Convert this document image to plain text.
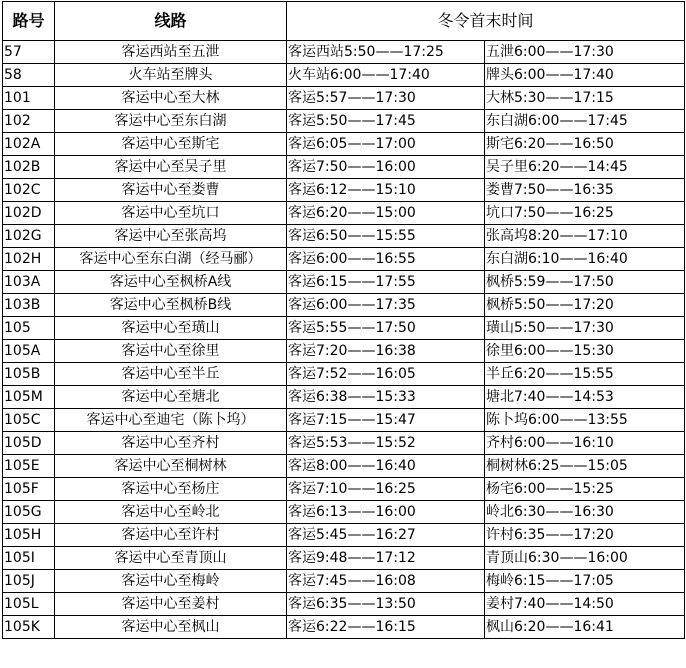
路号	线路	冬令首末时间	
57	客运西站至五泄	客运西站5:50——17:25	五泄6:00——17:30
58	火车站至牌头	火车站6:00——17:40	牌头6:00——17:40
101	客运中心至大林	客运5:57——17:30	大林5:30——17:15
102	客运中心至东白湖	客运5:50——17:45	东白湖6:00——17:45
102A	客运中心至斯宅	客运6:05——17:00	斯宅6:20——16:50
102B	客运中心至吴子里	客运7:50——16:00	吴子里6:20——14:45
102C	客运中心至娄曹	客运6:12——15:10	娄曹7:50——16:35
102D	客运中心至坑口	客运6:20——15:00	坑口7:50——16:25
102G	客运中心至张高坞	客运6:50——15:55	张高坞8:20——17:10
102H	客运中心至东白湖（经马郦）	客运6:00——16:55	东白湖6:10——16:40
103A	客运中心至枫桥A线	客运6:15——17:55	枫桥5:59——17:50
103B	客运中心至枫桥B线	客运6:00——17:35	枫桥5:50——17:20
105	客运中心至璜山	客运5:55——17:50	璜山5:50——17:30
105A	客运中心至徐里	客运7:20——16:38	徐里6:00——15:30
105B	客运中心至半丘	客运7:52——16:05	半丘6:20——15:55
105M	客运中心至塘北	客运6:38——15:33	塘北7:40——14:53
105C	客运中心至迪宅（陈卜坞）	客运7:15——15:47	陈卜坞6:00——13:55
105D	客运中心至齐村	客运5:53——15:52	齐村6:00——16:10
105E	客运中心至桐树林	客运8:00——16:40	桐树林6:25——15:05
105F	客运中心至杨庄	客运7:10——16:25	杨宅6:00——15:25
105G	客运中心至岭北	客运6:13——16:00	岭北6:30——16:30
105H	客运中心至许村	客运5:45——16:27	许村6:35——17:20
105I	客运中心至青顶山	客运9:48——17:12	青顶山6:30——16:00
105J	客运中心至梅岭	客运7:45——16:08	梅岭6:15——17:05
105L	客运中心至姜村	客运6:35——13:50	姜村7:40——14:50
105K	客运中心至枫山	客运6:22——16:15	枫山6:20——16:41
